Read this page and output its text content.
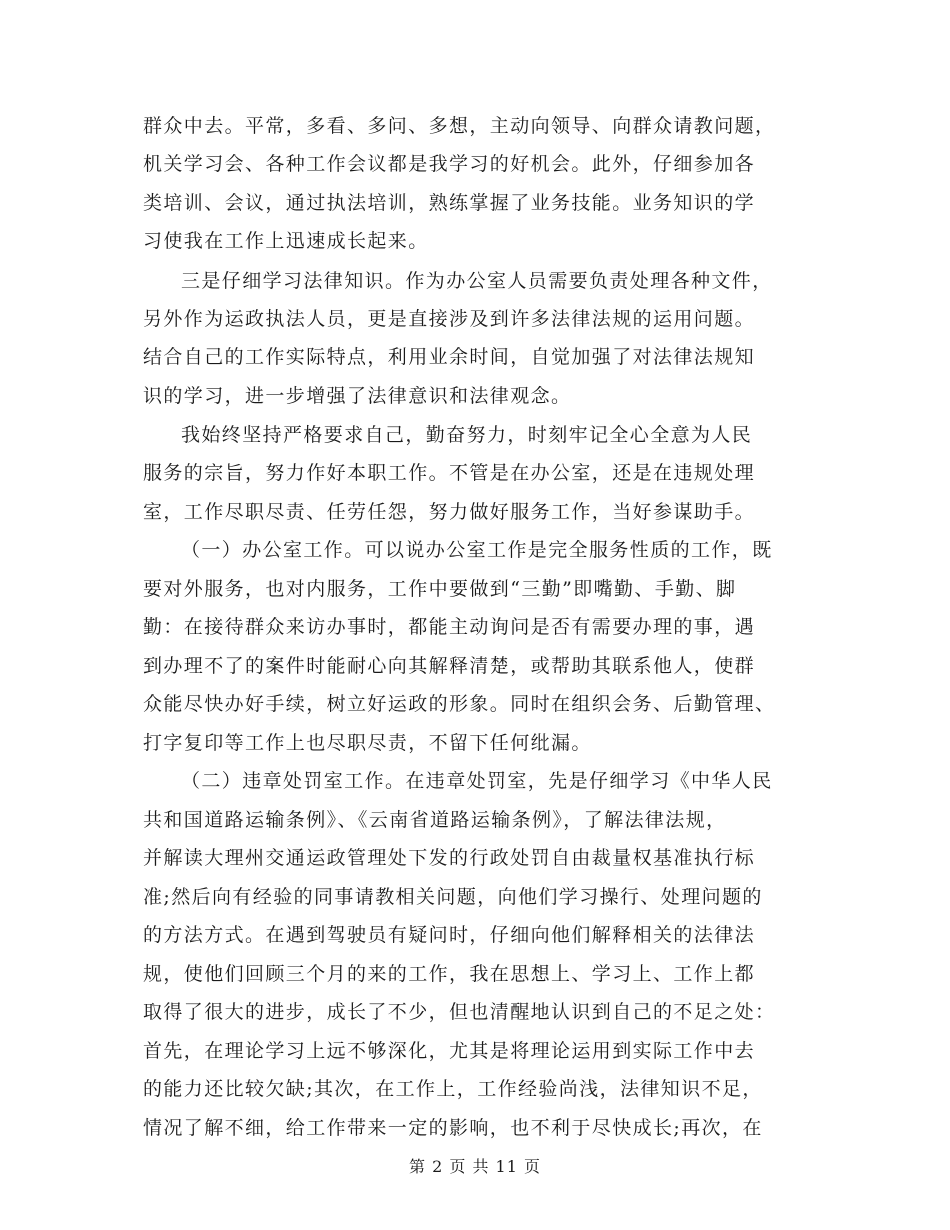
群众中去。平常，多看、多问、多想，主动向领导、向群众请教问题，
机关学习会、各种工作会议都是我学习的好机会。此外，仔细参加各
类培训、会议，通过执法培训，熟练掌握了业务技能。业务知识的学
习使我在工作上迅速成长起来。
三是仔细学习法律知识。作为办公室人员需要负责处理各种文件，
另外作为运政执法人员，更是直接涉及到许多法律法规的运用问题。
结合自己的工作实际特点，利用业余时间，自觉加强了对法律法规知
识的学习，进一步增强了法律意识和法律观念。
我始终坚持严格要求自己，勤奋努力，时刻牢记全心全意为人民
服务的宗旨，努力作好本职工作。不管是在办公室，还是在违规处理
室，工作尽职尽责、任劳任怨，努力做好服务工作，当好参谋助手。
（一）办公室工作。可以说办公室工作是完全服务性质的工作，既
要对外服务，也对内服务，工作中要做到“三勤”即嘴勤、手勤、脚
勤：在接待群众来访办事时，都能主动询问是否有需要办理的事，遇
到办理不了的案件时能耐心向其解释清楚，或帮助其联系他人，使群
众能尽快办好手续，树立好运政的形象。同时在组织会务、后勤管理、
打字复印等工作上也尽职尽责，不留下任何纰漏。
（二）违章处罚室工作。在违章处罚室，先是仔细学习《中华人民
共和国道路运输条例》、《云南省道路运输条例》，了解法律法规，
并解读大理州交通运政管理处下发的行政处罚自由裁量权基准执行标
准;然后向有经验的同事请教相关问题，向他们学习操行、处理问题的
的方法方式。在遇到驾驶员有疑问时，仔细向他们解释相关的法律法
规，使他们回顾三个月的来的工作，我在思想上、学习上、工作上都
取得了很大的进步，成长了不少，但也清醒地认识到自己的不足之处：
首先，在理论学习上远不够深化，尤其是将理论运用到实际工作中去
的能力还比较欠缺;其次，在工作上，工作经验尚浅，法律知识不足，
情况了解不细，给工作带来一定的影响，也不利于尽快成长;再次，在
第 2 页 共 11 页
